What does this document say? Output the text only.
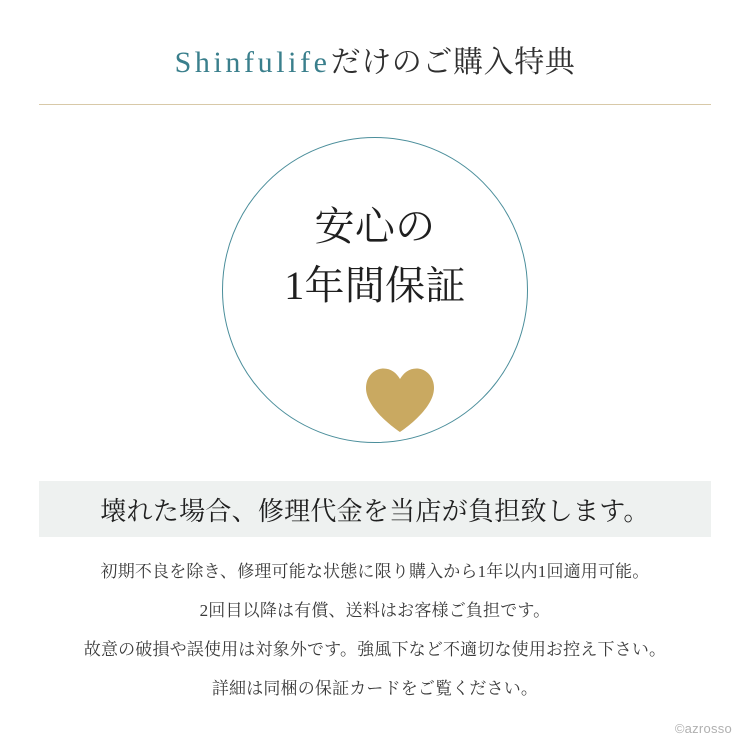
Shinfulifeだけのご購入特典
安心の
1年間保証
壊れた場合、修理代金を当店が負担致します。
初期不良を除き、修理可能な状態に限り購入から1年以内1回適用可能。
2回目以降は有償、送料はお客様ご負担です。
故意の破損や誤使用は対象外です。強風下など不適切な使用お控え下さい。
詳細は同梱の保証カードをご覧ください。
©azrosso
